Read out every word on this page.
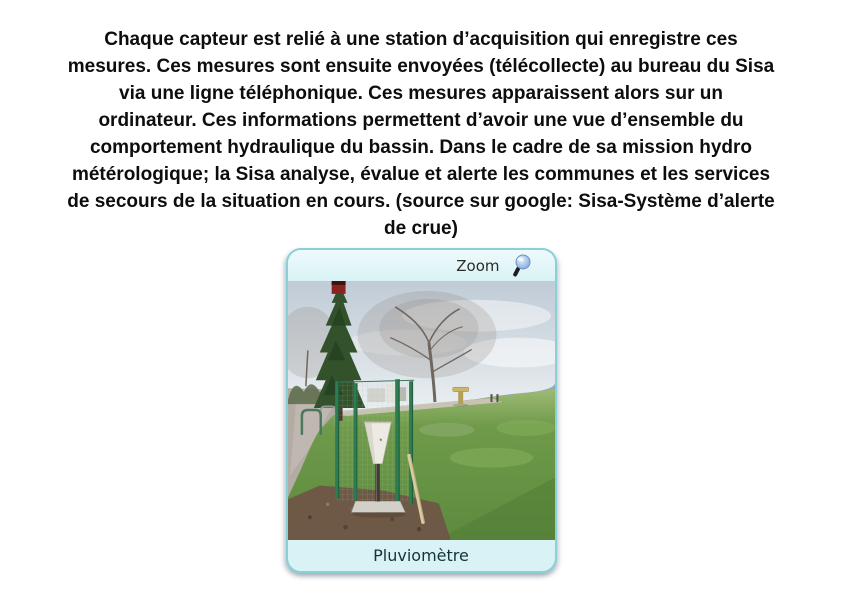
Chaque capteur est relié à une station d’acquisition qui enregistre ces
mesures. Ces mesures sont ensuite envoyées (télécollecte) au bureau du Sisa
via une ligne téléphonique. Ces mesures apparaissent alors sur un
ordinateur. Ces informations permettent d’avoir une vue d’ensemble du
comportement hydraulique du bassin. Dans le cadre de sa mission hydro
métérologique; la Sisa analyse, évalue et alerte les communes et les services
de secours de la situation en cours. (source sur google: Sisa-Système d’alerte
de crue)
Zoom
Pluviomètre
